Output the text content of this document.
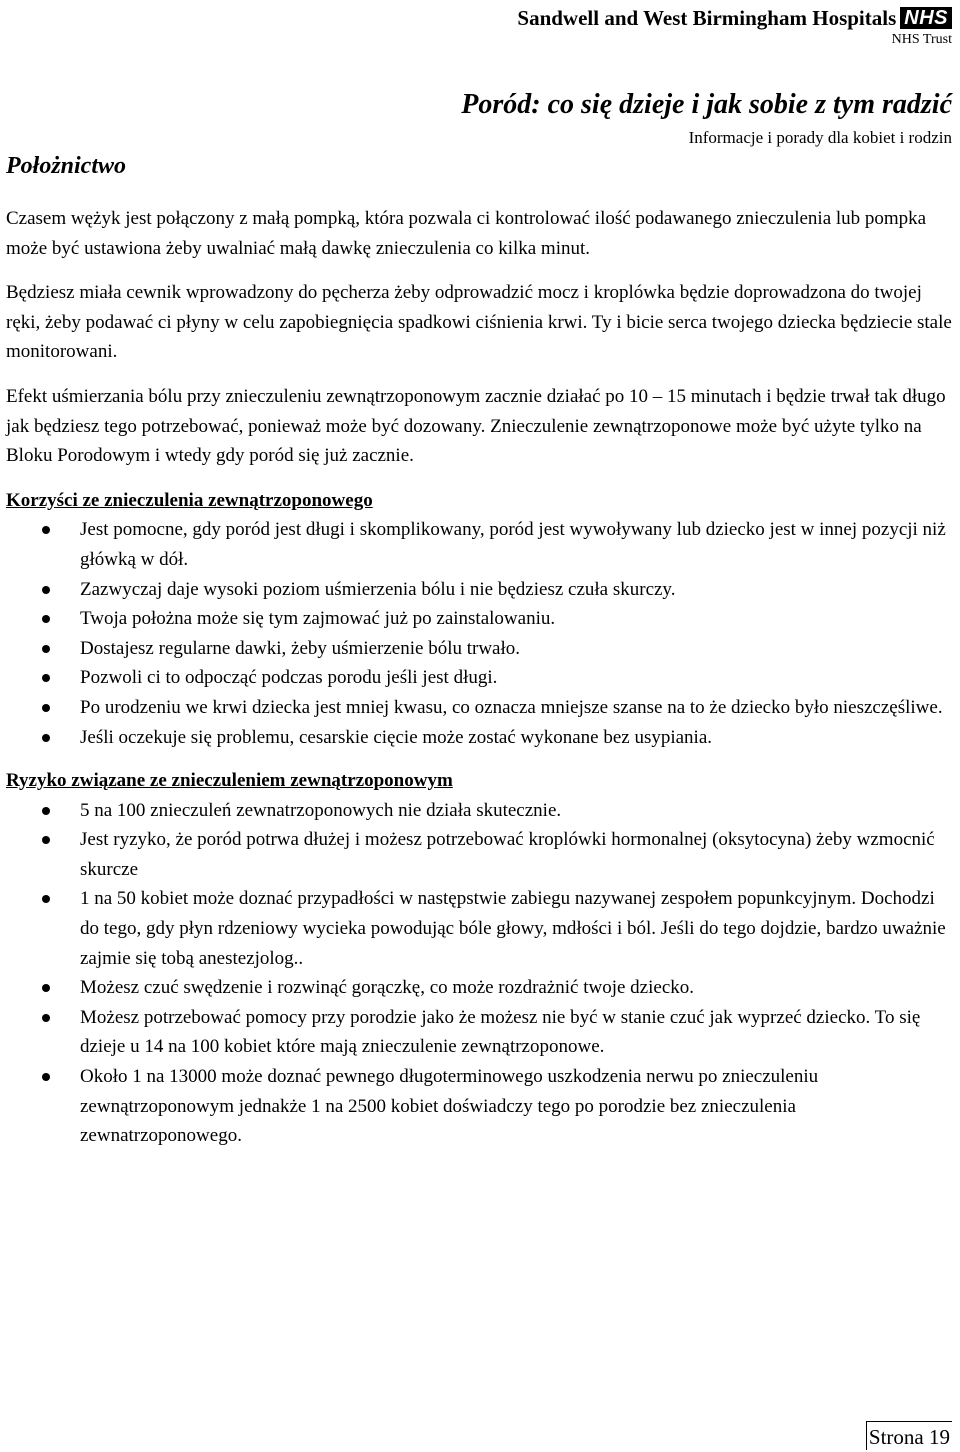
Sandwell and West Birmingham Hospitals NHS
NHS Trust
Poród: co się dzieje i jak sobie z tym radzić
Informacje i porady dla kobiet i rodzin
Położnictwo

Czasem wężyk jest połączony z małą pompką, która pozwala ci kontrolować ilość podawanego znieczulenia lub pompka może być ustawiona żeby uwalniać małą dawkę znieczulenia co kilka minut.

Będziesz miała cewnik wprowadzony do pęcherza żeby odprowadzić mocz i kroplówka będzie doprowadzona do twojej ręki, żeby podawać ci płyny w celu zapobiegnięcia spadkowi ciśnienia krwi. Ty i bicie serca twojego dziecka będziecie stale monitorowani.

Efekt uśmierzania bólu przy znieczuleniu zewnątrzoponowym zacznie działać po 10 – 15 minutach i będzie trwał tak długo jak będziesz tego potrzebować, ponieważ może być dozowany. Znieczulenie zewnątrzoponowe może być użyte tylko na Bloku Porodowym i wtedy gdy poród się już zacznie.

Korzyści ze znieczulenia zewnątrzoponowego
Jest pomocne, gdy poród jest długi i skomplikowany, poród jest wywoływany lub dziecko jest w innej pozycji niż główką w dół.
Zazwyczaj daje wysoki poziom uśmierzenia bólu i nie będziesz czuła skurczy.
Twoja położna może się tym zajmować już po zainstalowaniu.
Dostajesz regularne dawki, żeby uśmierzenie bólu trwało.
Pozwoli ci to odpocząć podczas porodu jeśli jest długi.
Po urodzeniu we krwi dziecka jest mniej kwasu, co oznacza mniejsze szanse na to że dziecko było nieszczęśliwe.
Jeśli oczekuje się problemu, cesarskie cięcie może zostać wykonane bez usypiania.
Ryzyko związane ze znieczuleniem zewnątrzoponowym
5 na 100 znieczuleń zewnatrzoponowych nie działa skutecznie.
Jest ryzyko, że poród potrwa dłużej i możesz potrzebować kroplówki hormonalnej (oksytocyna) żeby wzmocnić skurcze
1 na 50 kobiet może doznać przypadłości w następstwie zabiegu nazywanej zespołem popunkcyjnym. Dochodzi do tego, gdy płyn rdzeniowy wycieka powodując bóle głowy, mdłości i ból. Jeśli do tego dojdzie, bardzo uważnie zajmie się tobą anestezjolog..
Możesz czuć swędzenie i rozwinąć gorączkę, co może rozdrażnić twoje dziecko.
Możesz potrzebować pomocy przy porodzie jako że możesz nie być w stanie czuć jak wyprzeć dziecko. To się dzieje u 14 na 100 kobiet które mają znieczulenie zewnątrzoponowe.
Około 1 na 13000 może doznać pewnego długoterminowego uszkodzenia nerwu po znieczuleniu zewnątrzoponowym jednakże 1 na 2500 kobiet doświadczy tego po porodzie bez znieczulenia zewnatrzoponowego.
Strona 19
